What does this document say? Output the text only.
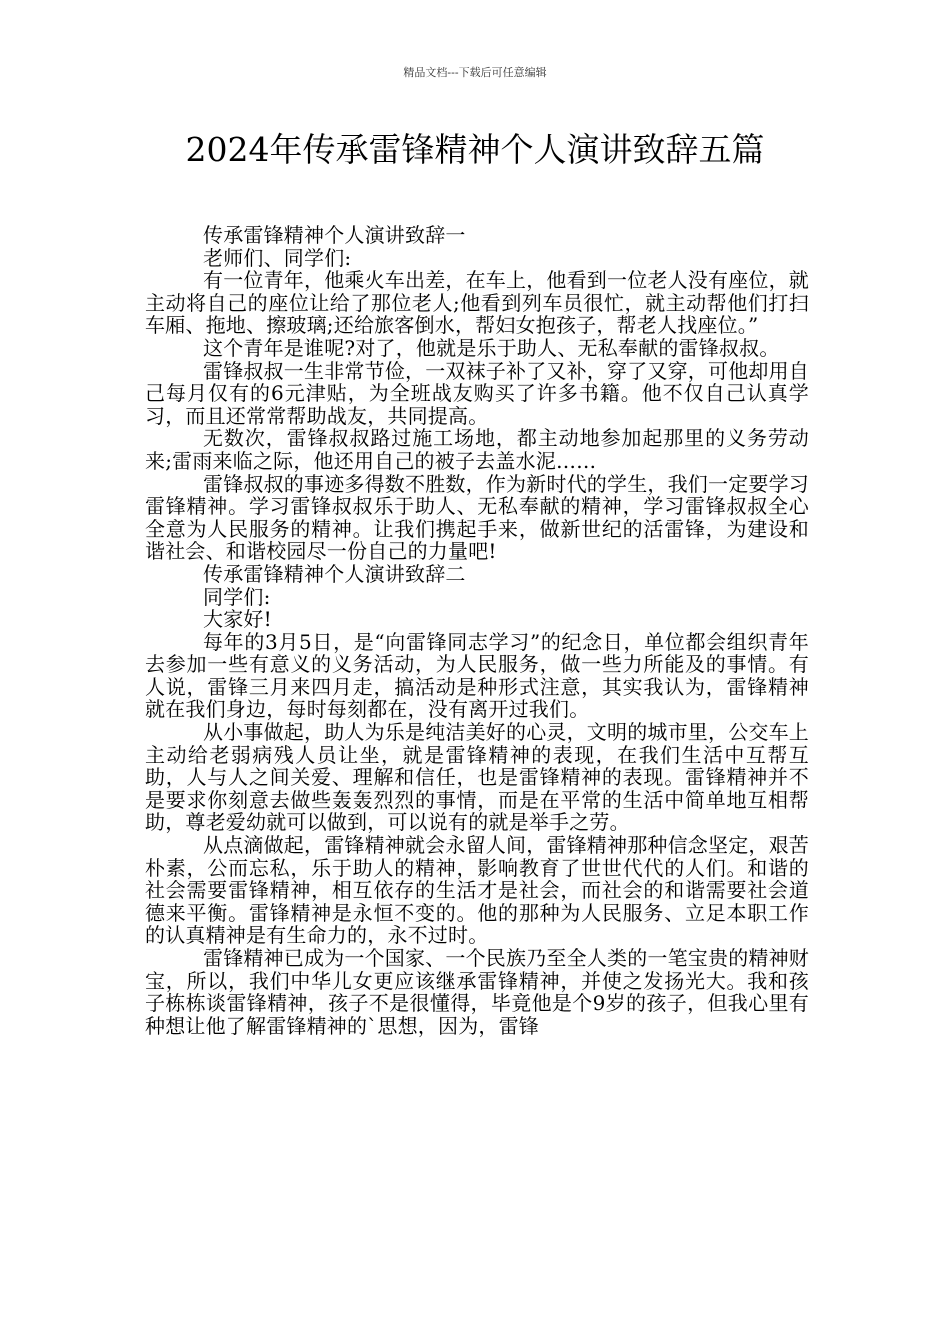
精品文档---下载后可任意编辑
2024年传承雷锋精神个人演讲致辞五篇

传承雷锋精神个人演讲致辞一

老师们、同学们:

有一位青年，他乘火车出差，在车上，他看到一位老人没有座位，就主动将自己的座位让给了那位老人;他看到列车员很忙，就主动帮他们打扫车厢、拖地、擦玻璃;还给旅客倒水，帮妇女抱孩子，帮老人找座位。”

这个青年是谁呢?对了，他就是乐于助人、无私奉献的雷锋叔叔。

雷锋叔叔一生非常节俭，一双袜子补了又补，穿了又穿，可他却用自己每月仅有的6元津贴，为全班战友购买了许多书籍。他不仅自己认真学习，而且还常常帮助战友，共同提高。

无数次，雷锋叔叔路过施工场地，都主动地参加起那里的义务劳动来;雷雨来临之际，他还用自己的被子去盖水泥……

雷锋叔叔的事迹多得数不胜数，作为新时代的学生，我们一定要学习雷锋精神。学习雷锋叔叔乐于助人、无私奉献的精神，学习雷锋叔叔全心全意为人民服务的精神。让我们携起手来，做新世纪的活雷锋，为建设和谐社会、和谐校园尽一份自己的力量吧!

传承雷锋精神个人演讲致辞二

同学们:

大家好!

每年的3月5日，是“向雷锋同志学习”的纪念日，单位都会组织青年去参加一些有意义的义务活动，为人民服务，做一些力所能及的事情。有人说，雷锋三月来四月走，搞活动是种形式注意，其实我认为，雷锋精神就在我们身边，每时每刻都在，没有离开过我们。

从小事做起，助人为乐是纯洁美好的心灵，文明的城市里，公交车上主动给老弱病残人员让坐，就是雷锋精神的表现，在我们生活中互帮互助，人与人之间关爱、理解和信任，也是雷锋精神的表现。雷锋精神并不是要求你刻意去做些轰轰烈烈的事情，而是在平常的生活中简单地互相帮助，尊老爱幼就可以做到，可以说有的就是举手之劳。

从点滴做起，雷锋精神就会永留人间，雷锋精神那种信念坚定，艰苦朴素，公而忘私，乐于助人的精神，影响教育了世世代代的人们。和谐的社会需要雷锋精神，相互依存的生活才是社会，而社会的和谐需要社会道德来平衡。雷锋精神是永恒不变的。他的那种为人民服务、立足本职工作的认真精神是有生命力的，永不过时。

雷锋精神已成为一个国家、一个民族乃至全人类的一笔宝贵的精神财宝，所以，我们中华儿女更应该继承雷锋精神，并使之发扬光大。我和孩子栋栋谈雷锋精神，孩子不是很懂得，毕竟他是个9岁的孩子，但我心里有种想让他了解雷锋精神的`思想，因为，雷锋
